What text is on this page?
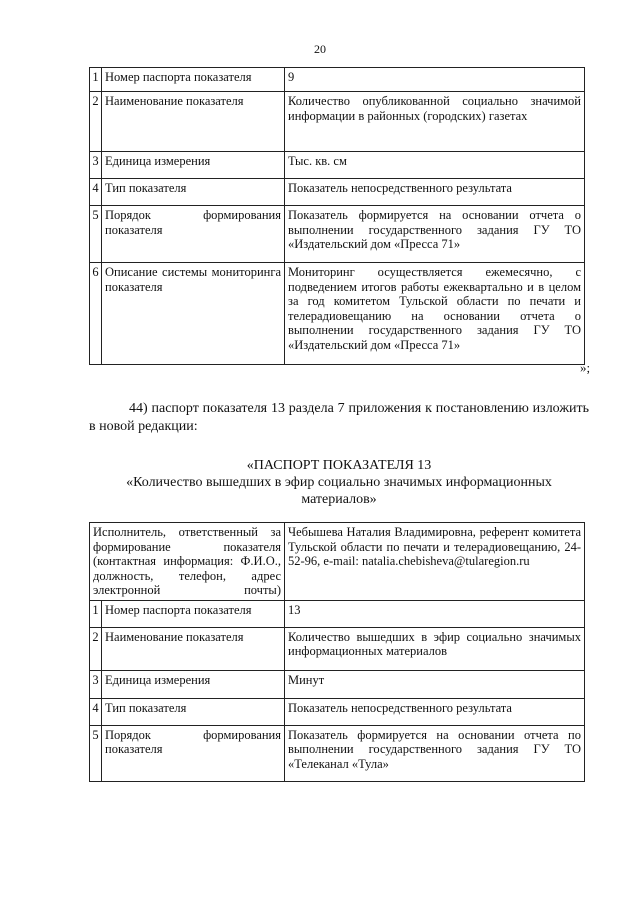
20
1	Номер паспорта показателя	9
2	Наименование показателя	Количество опубликованной социально значимой информации в районных (городских) газетах
3	Единица измерения	Тыс. кв. см
4	Тип показателя	Показатель непосредственного результата
5	Порядок формирования показателя	Показатель формируется на основании отчета о выполнении государственного задания ГУ ТО «Издательский дом «Пресса 71»
6	Описание системы мониторинга показателя	Мониторинг осуществляется ежемесячно, с подведением итогов работы ежеквартально и в целом за год комитетом Тульской области по печати и телерадиовещанию на основании отчета о выполнении государственного задания ГУ ТО «Издательский дом «Пресса 71»
»;
44) паспорт показателя 13 раздела 7 приложения к постановлению изложить в новой редакции:
«ПАСПОРТ ПОКАЗАТЕЛЯ 13
«Количество вышедших в эфир социально значимых информационных материалов»
Исполнитель, ответственный за формирование показателя (контактная информация: Ф.И.О., должность, телефон, адрес электронной почты)		Чебышева Наталия Владимировна, референт комитета Тульской области по печати и телерадиовещанию, 24-52-96, e-mail: natalia.chebisheva@tularegion.ru
1	Номер паспорта показателя	13
2	Наименование показателя	Количество вышедших в эфир социально значимых информационных материалов
3	Единица измерения	Минут
4	Тип показателя	Показатель непосредственного результата
5	Порядок формирования показателя	Показатель формируется на основании отчета по выполнении государственного задания ГУ ТО «Телеканал «Тула»
